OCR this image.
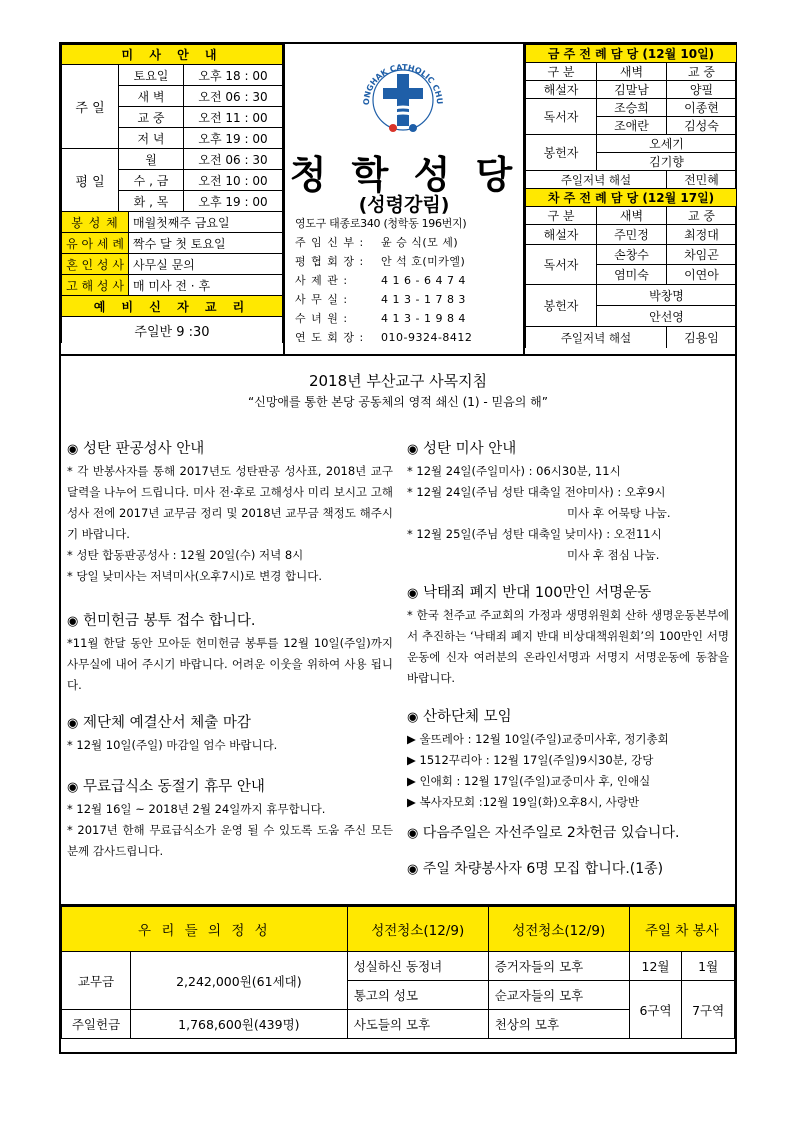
미 사 안 내		
주 일	토요일	오후 18 : 00
	새 벽	오전 06 : 30
	교 중	오전 11 : 00
	저 녁	오후 19 : 00
평 일	월	오전 06 : 30
	수 , 금	오전 10 : 00
	화 , 목	오후 19 : 00
봉 성 체	매월첫째주 금요일
유 아 세 례	짝수 달 첫 토요일
혼 인 성 사	사무실 문의
고 해 성 사	매 미사 전 · 후
예 비 신 자 교 리	
주일반 9 :30	
ONGHAK CATHOLIC CHU
청 학 성 당
(성령강림)
영도구 태종로340 (청학동 196번지)
주 임 신 부 :	윤 승 식(모 세)
평 협 회 장 :	안 석 호(미카엘)
사 제 관 :	4 1 6 - 6 4 7 4
사 무 실 :	4 1 3 - 1 7 8 3
수 녀 원 :	4 1 3 - 1 9 8 4
연 도 회 장 :	010-9324-8412
금 주 전 례 담 당 (12월 10일)		
구 분	새벽	교 중
해설자	김말남	양필
독서자	조승희	이종현
	조애란	김성숙
봉헌자	오세기	
	김기향	
주일저녁 해설		전민혜
차 주 전 례 담 당 (12월 17일)		
구 분	새벽	교 중
해설자	주민정	최정대
독서자	손창수	차임곤
	염미숙	이연아
봉헌자	박창명	
	안선영	
주일저녁 해설		김용임
2018년 부산교구 사목지침
“신망애를 통한 본당 공동체의 영적 쇄신 (1) - 믿음의 해”
◉ 성탄 판공성사 안내

* 각 반봉사자를 통해 2017년도 성탄판공 성사표, 2018년 교구달력을 나누어 드립니다. 미사 전·후로 고해성사 미리 보시고 고해성사 전에 2017년 교무금 정리 및 2018년 교무금 책정도 해주시기 바랍니다.

* 성탄 합동판공성사 : 12월 20일(수) 저녁 8시

* 당일 낮미사는 저녁미사(오후7시)로 변경 합니다.

◉ 헌미헌금 봉투 접수 합니다.

*11월 한달 동안 모아둔 헌미헌금 봉투를 12월 10일(주일)까지 사무실에 내어 주시기 바랍니다. 어려운 이웃을 위하여 사용 됩니다.

◉ 제단체 예결산서 체출 마감

* 12월 10일(주일) 마감일 엄수 바랍니다.

◉ 무료급식소 동절기 휴무 안내

* 12월 16일 ~ 2018년 2월 24일까지 휴무합니다.

* 2017년 한해 무료급식소가 운영 될 수 있도록 도움 주신 모든 분께 감사드립니다.

◉ 성탄 미사 안내

* 12월 24일(주일미사) : 06시30분, 11시

* 12월 24일(주님 성탄 대축일 전야미사) : 오후9시

미사 후 어묵탕 나눔.

* 12월 25일(주님 성탄 대축일 낮미사) : 오전11시

미사 후 점심 나눔.

◉ 낙태죄 폐지 반대 100만인 서명운동

* 한국 천주교 주교회의 가정과 생명위원회 산하 생명운동본부에서 추진하는 ‘낙태죄 폐지 반대 비상대책위원회’의 100만인 서명운동에 신자 여러분의 온라인서명과 서명지 서명운동에 동참을 바랍니다.

◉ 산하단체 모임

▶ 울뜨레아 : 12월 10일(주일)교중미사후, 정기총회

▶ 1512꾸리아 : 12월 17일(주일)9시30분, 강당

▶ 인애회 : 12월 17일(주일)교중미사 후, 인애실

▶ 복사자모회 :12월 19일(화)오후8시, 사랑반

◉ 다음주일은 자선주일로 2차헌금 있습니다.
◉ 주일 차량봉사자 6명 모집 합니다.(1종)
우 리 들 의 정 성		성전청소(12/9)	성전청소(12/9)	주일 차 봉사	
교무금	2,242,000원(61세대)	성실하신 동정녀	증거자들의 모후	12월	1월
		통고의 성모	순교자들의 모후	6구역	7구역
주일헌금	1,768,600원(439명)	사도들의 모후	천상의 모후		
